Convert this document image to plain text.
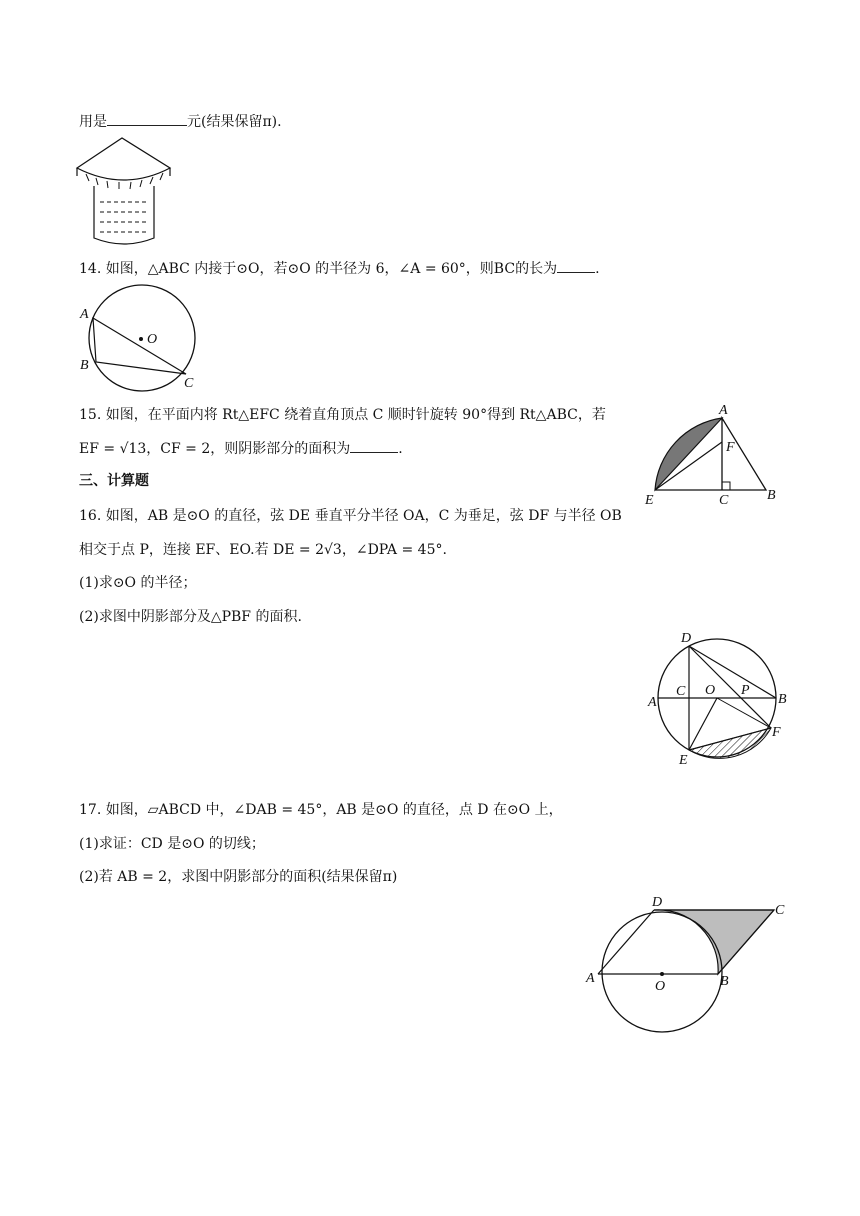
用是	元(结果保留π).
14. 如图，△ABC 内接于⊙O，若⊙O 的半径为 6，∠A = 60°，则BC的长为	.
O
A
B
C
15. 如图，在平面内将 Rt△EFC 绕着直角顶点 C 顺时针旋转 90°得到 Rt△ABC，若
EF = √13，CF = 2，则阴影部分的面积为	.
A
F
E	C	B
三、计算题
16. 如图，AB 是⊙O 的直径，弦 DE 垂直平分半径 OA，C 为垂足，弦 DF 与半径 OB
相交于点 P，连接 EF、EO.若 DE = 2√3，∠DPA = 45°.
(1)求⊙O 的半径；
(2)求图中阴影部分及△PBF 的面积.
D
A
C O P
B
E
F
17. 如图，▱ABCD 中，∠DAB = 45°，AB 是⊙O 的直径，点 D 在⊙O 上，
(1)求证：CD 是⊙O 的切线；
(2)若 AB = 2，求图中阴影部分的面积(结果保留π)
D
C
A
O	B
